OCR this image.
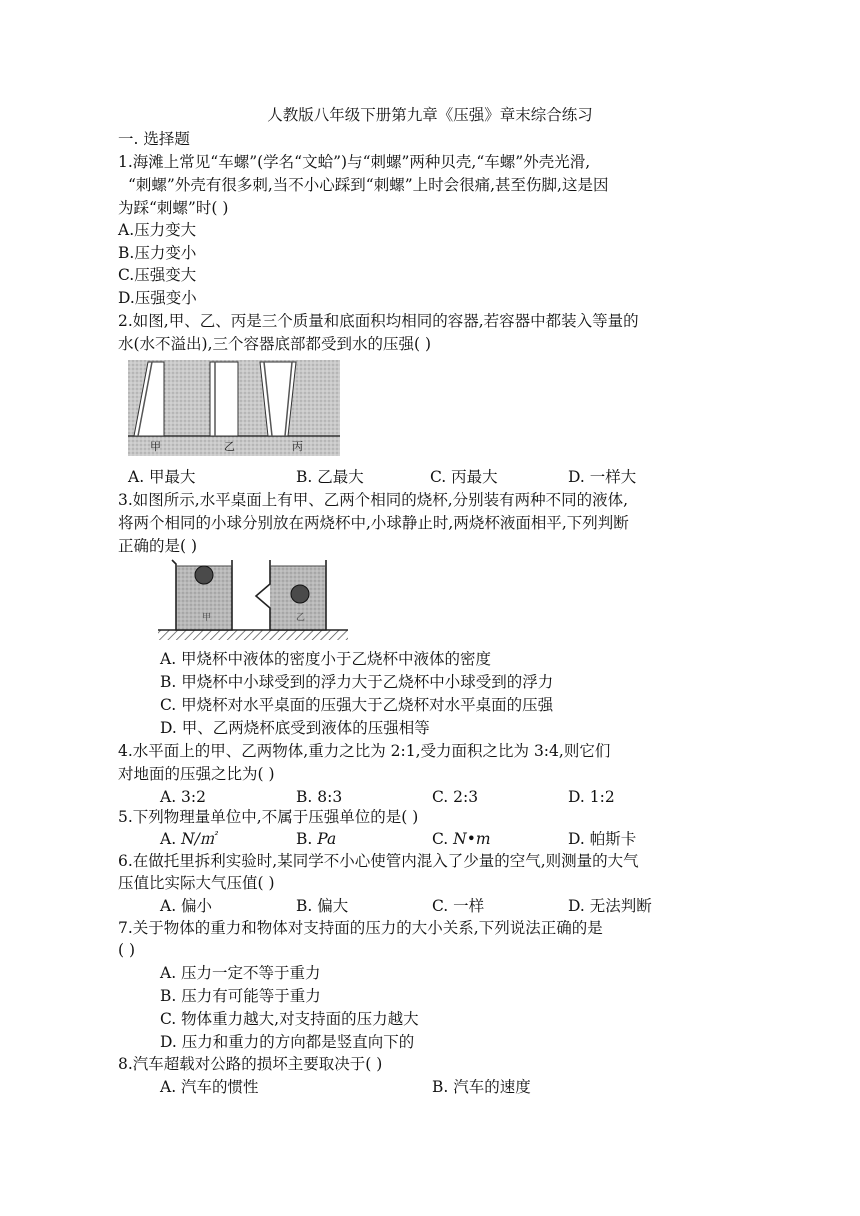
人教版八年级下册第九章《压强》章末综合练习
一. 选择题
1.海滩上常见“车螺”(学名“文蛤”)与“刺螺”两种贝壳,“车螺”外壳光滑,
“刺螺”外壳有很多刺,当不小心踩到“刺螺”上时会很痛,甚至伤脚,这是因
为踩“刺螺”时( )
A.压力变大
B.压力变小
C.压强变大
D.压强变小
2.如图,甲、乙、丙是三个质量和底面积均相同的容器,若容器中都装入等量的
水(水不溢出),三个容器底部都受到水的压强( )
甲	乙	丙
A. 甲最大	B. 乙最大	C. 丙最大	D. 一样大
3.如图所示,水平桌面上有甲、乙两个相同的烧杯,分别装有两种不同的液体,
将两个相同的小球分别放在两烧杯中,小球静止时,两烧杯液面相平,下列判断
正确的是( )
甲	乙
A. 甲烧杯中液体的密度小于乙烧杯中液体的密度
B. 甲烧杯中小球受到的浮力大于乙烧杯中小球受到的浮力
C. 甲烧杯对水平桌面的压强大于乙烧杯对水平桌面的压强
D. 甲、乙两烧杯底受到液体的压强相等
4.水平面上的甲、乙两物体,重力之比为 2:1,受力面积之比为 3:4,则它们
对地面的压强之比为( )
A. 3:2	B. 8:3	C. 2:3	D. 1:2
5.下列物理量单位中,不属于压强单位的是( )
A. N/㎡	B. Pa	C. N•m	D. 帕斯卡
6.在做托里拆利实验时,某同学不小心使管内混入了少量的空气,则测量的大气
压值比实际大气压值( )
A. 偏小	B. 偏大	C. 一样	D. 无法判断
7.关于物体的重力和物体对支持面的压力的大小关系,下列说法正确的是
( )
A. 压力一定不等于重力
B. 压力有可能等于重力
C. 物体重力越大,对支持面的压力越大
D. 压力和重力的方向都是竖直向下的
8.汽车超载对公路的损坏主要取决于( )
A. 汽车的惯性	B. 汽车的速度
